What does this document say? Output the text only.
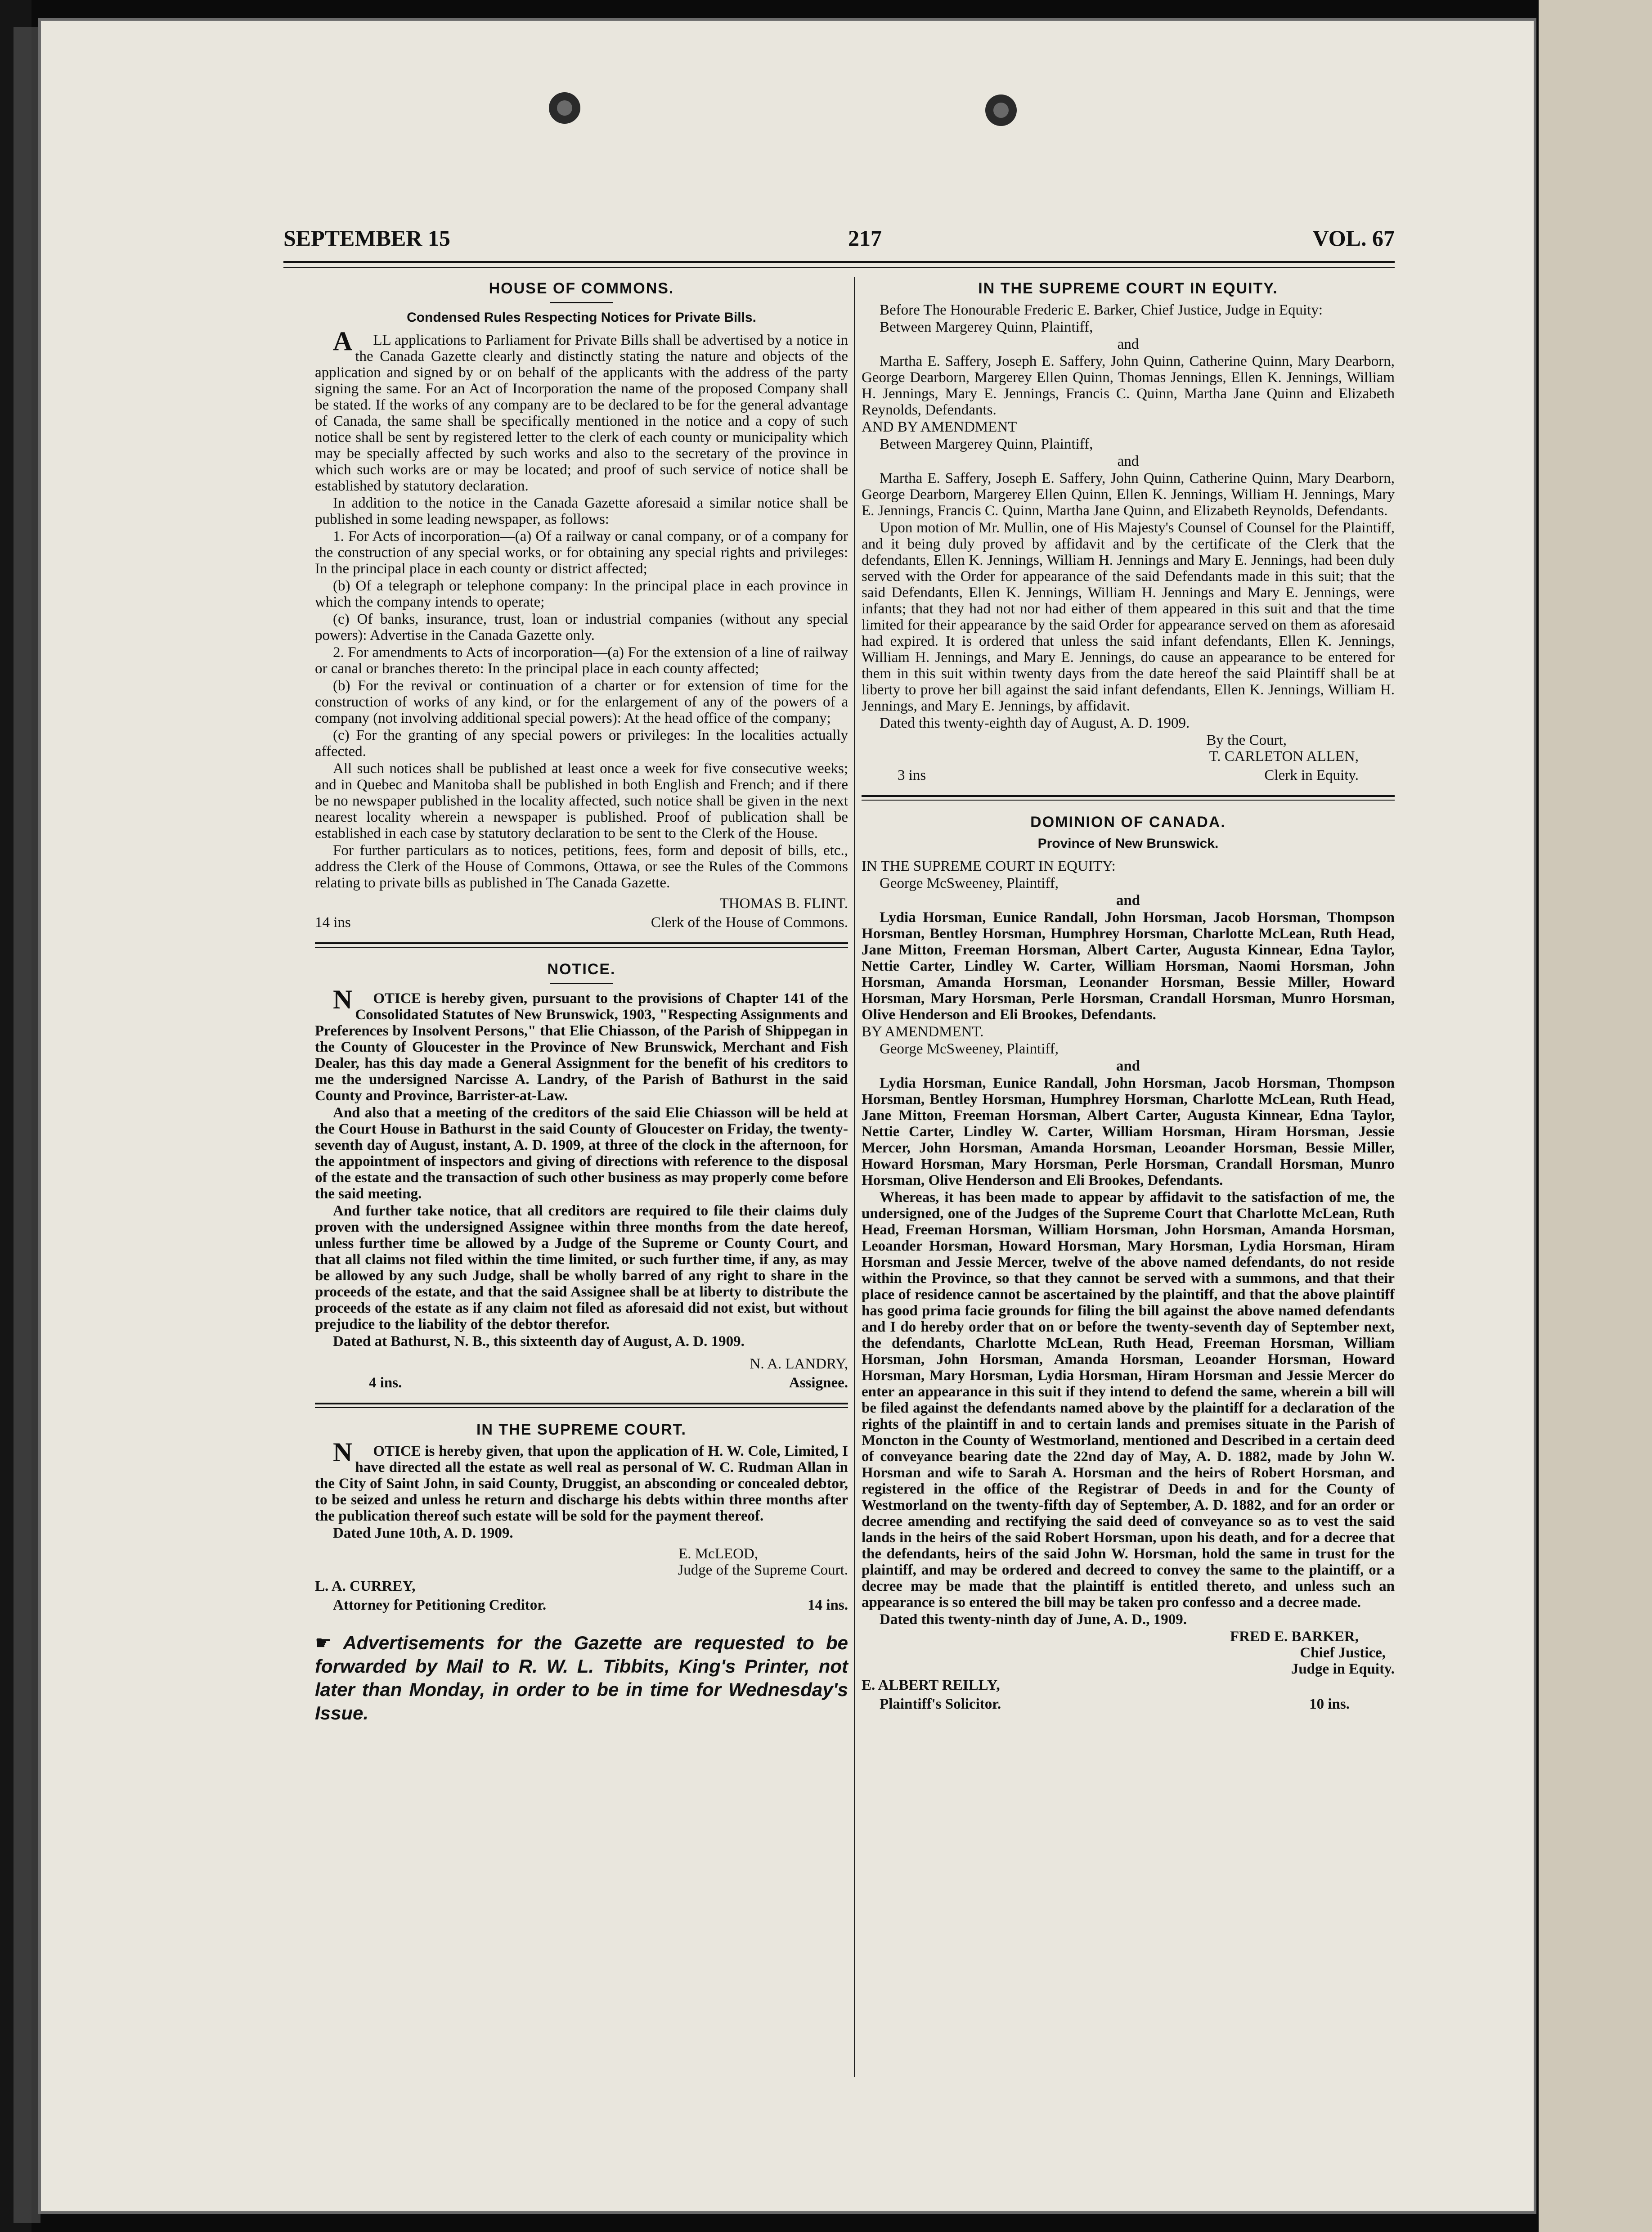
SEPTEMBER 15	217	VOL. 67
HOUSE OF COMMONS.
Condensed Rules Respecting Notices for Private Bills.

ALL applications to Parliament for Private Bills shall be advertised by a notice in the Canada Gazette clearly and distinctly stating the nature and objects of the application and signed by or on behalf of the applicants with the address of the party signing the same. For an Act of Incorporation the name of the proposed Company shall be stated. If the works of any company are to be declared to be for the general advantage of Canada, the same shall be specifically mentioned in the notice and a copy of such notice shall be sent by registered letter to the clerk of each county or municipality which may be specially affected by such works and also to the secretary of the province in which such works are or may be located; and proof of such service of notice shall be established by statutory declaration.

In addition to the notice in the Canada Gazette aforesaid a similar notice shall be published in some leading newspaper, as follows:

1. For Acts of incorporation—(a) Of a railway or canal company, or of a company for the construction of any special works, or for obtaining any special rights and privileges: In the principal place in each county or district affected;

(b) Of a telegraph or telephone company: In the principal place in each province in which the company intends to operate;

(c) Of banks, insurance, trust, loan or industrial companies (without any special powers): Advertise in the Canada Gazette only.

2. For amendments to Acts of incorporation—(a) For the extension of a line of railway or canal or branches thereto: In the principal place in each county affected;

(b) For the revival or continuation of a charter or for extension of time for the construction of works of any kind, or for the enlargement of any of the powers of a company (not involving additional special powers): At the head office of the company;

(c) For the granting of any special powers or privileges: In the localities actually affected.

All such notices shall be published at least once a week for five consecutive weeks; and in Quebec and Manitoba shall be published in both English and French; and if there be no newspaper published in the locality affected, such notice shall be given in the next nearest locality wherein a newspaper is published. Proof of publication shall be established in each case by statutory declaration to be sent to the Clerk of the House.

For further particulars as to notices, petitions, fees, form and deposit of bills, etc., address the Clerk of the House of Commons, Ottawa, or see the Rules of the Commons relating to private bills as published in The Canada Gazette.

THOMAS B. FLINT.
14 ins	Clerk of the House of Commons.
NOTICE.

NOTICE is hereby given, pursuant to the provisions of Chapter 141 of the Consolidated Statutes of New Brunswick, 1903, "Respecting Assignments and Preferences by Insolvent Persons," that Elie Chiasson, of the Parish of Shippegan in the County of Gloucester in the Province of New Brunswick, Merchant and Fish Dealer, has this day made a General Assignment for the benefit of his creditors to me the undersigned Narcisse A. Landry, of the Parish of Bathurst in the said County and Province, Barrister-at-Law.

And also that a meeting of the creditors of the said Elie Chiasson will be held at the Court House in Bathurst in the said County of Gloucester on Friday, the twenty-seventh day of August, instant, A. D. 1909, at three of the clock in the afternoon, for the appointment of inspectors and giving of directions with reference to the disposal of the estate and the transaction of such other business as may properly come before the said meeting.

And further take notice, that all creditors are required to file their claims duly proven with the undersigned Assignee within three months from the date hereof, unless further time be allowed by a Judge of the Supreme or County Court, and that all claims not filed within the time limited, or such further time, if any, as may be allowed by any such Judge, shall be wholly barred of any right to share in the proceeds of the estate, and that the said Assignee shall be at liberty to distribute the proceeds of the estate as if any claim not filed as aforesaid did not exist, but without prejudice to the liability of the debtor therefor.

Dated at Bathurst, N. B., this sixteenth day of August, A. D. 1909.

N. A. LANDRY,
4 ins.	Assignee.
IN THE SUPREME COURT.

NOTICE is hereby given, that upon the application of H. W. Cole, Limited, I have directed all the estate as well real as personal of W. C. Rudman Allan in the City of Saint John, in said County, Druggist, an absconding or concealed debtor, to be seized and unless he return and discharge his debts within three months after the publication thereof such estate will be sold for the payment thereof.

Dated June 10th, A. D. 1909.

E. McLEOD,
Judge of the Supreme Court.
L. A. CURREY,
Attorney for Petitioning Creditor.	14 ins.
☛ Advertisements for the Gazette are requested to be forwarded by Mail to R. W. L. Tibbits, King's Printer, not later than Monday, in order to be in time for Wednesday's Issue.
IN THE SUPREME COURT IN EQUITY.

Before The Honourable Frederic E. Barker, Chief Justice, Judge in Equity:

Between Margerey Quinn, Plaintiff,

and

Martha E. Saffery, Joseph E. Saffery, John Quinn, Catherine Quinn, Mary Dearborn, George Dearborn, Margerey Ellen Quinn, Thomas Jennings, Ellen K. Jennings, William H. Jennings, Mary E. Jennings, Francis C. Quinn, Martha Jane Quinn and Elizabeth Reynolds, Defendants.

AND BY AMENDMENT

Between Margerey Quinn, Plaintiff,

and

Martha E. Saffery, Joseph E. Saffery, John Quinn, Catherine Quinn, Mary Dearborn, George Dearborn, Margerey Ellen Quinn, Ellen K. Jennings, William H. Jennings, Mary E. Jennings, Francis C. Quinn, Martha Jane Quinn, and Elizabeth Reynolds, Defendants.

Upon motion of Mr. Mullin, one of His Majesty's Counsel of Counsel for the Plaintiff, and it being duly proved by affidavit and by the certificate of the Clerk that the defendants, Ellen K. Jennings, William H. Jennings and Mary E. Jennings, had been duly served with the Order for appearance of the said Defendants made in this suit; that the said Defendants, Ellen K. Jennings, William H. Jennings and Mary E. Jennings, were infants; that they had not nor had either of them appeared in this suit and that the time limited for their appearance by the said Order for appearance served on them as aforesaid had expired. It is ordered that unless the said infant defendants, Ellen K. Jennings, William H. Jennings, and Mary E. Jennings, do cause an appearance to be entered for them in this suit within twenty days from the date hereof the said Plaintiff shall be at liberty to prove her bill against the said infant defendants, Ellen K. Jennings, William H. Jennings, and Mary E. Jennings, by affidavit.

Dated this twenty-eighth day of August, A. D. 1909.

By the Court,
T. CARLETON ALLEN,
3 ins	Clerk in Equity.
DOMINION OF CANADA.
Province of New Brunswick.

IN THE SUPREME COURT IN EQUITY:

George McSweeney, Plaintiff,

and

Lydia Horsman, Eunice Randall, John Horsman, Jacob Horsman, Thompson Horsman, Bentley Horsman, Humphrey Horsman, Charlotte McLean, Ruth Head, Jane Mitton, Freeman Horsman, Albert Carter, Augusta Kinnear, Edna Taylor, Nettie Carter, Lindley W. Carter, William Horsman, Naomi Horsman, John Horsman, Amanda Horsman, Leonander Horsman, Bessie Miller, Howard Horsman, Mary Horsman, Perle Horsman, Crandall Horsman, Munro Horsman, Olive Henderson and Eli Brookes, Defendants.

BY AMENDMENT.

George McSweeney, Plaintiff,

and

Lydia Horsman, Eunice Randall, John Horsman, Jacob Horsman, Thompson Horsman, Bentley Horsman, Humphrey Horsman, Charlotte McLean, Ruth Head, Jane Mitton, Freeman Horsman, Albert Carter, Augusta Kinnear, Edna Taylor, Nettie Carter, Lindley W. Carter, William Horsman, Hiram Horsman, Jessie Mercer, John Horsman, Amanda Horsman, Leoander Horsman, Bessie Miller, Howard Horsman, Mary Horsman, Perle Horsman, Crandall Horsman, Munro Horsman, Olive Henderson and Eli Brookes, Defendants.

Whereas, it has been made to appear by affidavit to the satisfaction of me, the undersigned, one of the Judges of the Supreme Court that Charlotte McLean, Ruth Head, Freeman Horsman, William Horsman, John Horsman, Amanda Horsman, Leoander Horsman, Howard Horsman, Mary Horsman, Lydia Horsman, Hiram Horsman and Jessie Mercer, twelve of the above named defendants, do not reside within the Province, so that they cannot be served with a summons, and that their place of residence cannot be ascertained by the plaintiff, and that the above plaintiff has good prima facie grounds for filing the bill against the above named defendants and I do hereby order that on or before the twenty-seventh day of September next, the defendants, Charlotte McLean, Ruth Head, Freeman Horsman, William Horsman, John Horsman, Amanda Horsman, Leoander Horsman, Howard Horsman, Mary Horsman, Lydia Horsman, Hiram Horsman and Jessie Mercer do enter an appearance in this suit if they intend to defend the same, wherein a bill will be filed against the defendants named above by the plaintiff for a declaration of the rights of the plaintiff in and to certain lands and premises situate in the Parish of Moncton in the County of Westmorland, mentioned and Described in a certain deed of conveyance bearing date the 22nd day of May, A. D. 1882, made by John W. Horsman and wife to Sarah A. Horsman and the heirs of Robert Horsman, and registered in the office of the Registrar of Deeds in and for the County of Westmorland on the twenty-fifth day of September, A. D. 1882, and for an order or decree amending and rectifying the said deed of conveyance so as to vest the said lands in the heirs of the said Robert Horsman, upon his death, and for a decree that the defendants, heirs of the said John W. Horsman, hold the same in trust for the plaintiff, and may be ordered and decreed to convey the same to the plaintiff, or a decree may be made that the plaintiff is entitled thereto, and unless such an appearance is so entered the bill may be taken pro confesso and a decree made.

Dated this twenty-ninth day of June, A. D., 1909.

FRED E. BARKER,
Chief Justice,
Judge in Equity.
E. ALBERT REILLY,
Plaintiff's Solicitor.	10 ins.
